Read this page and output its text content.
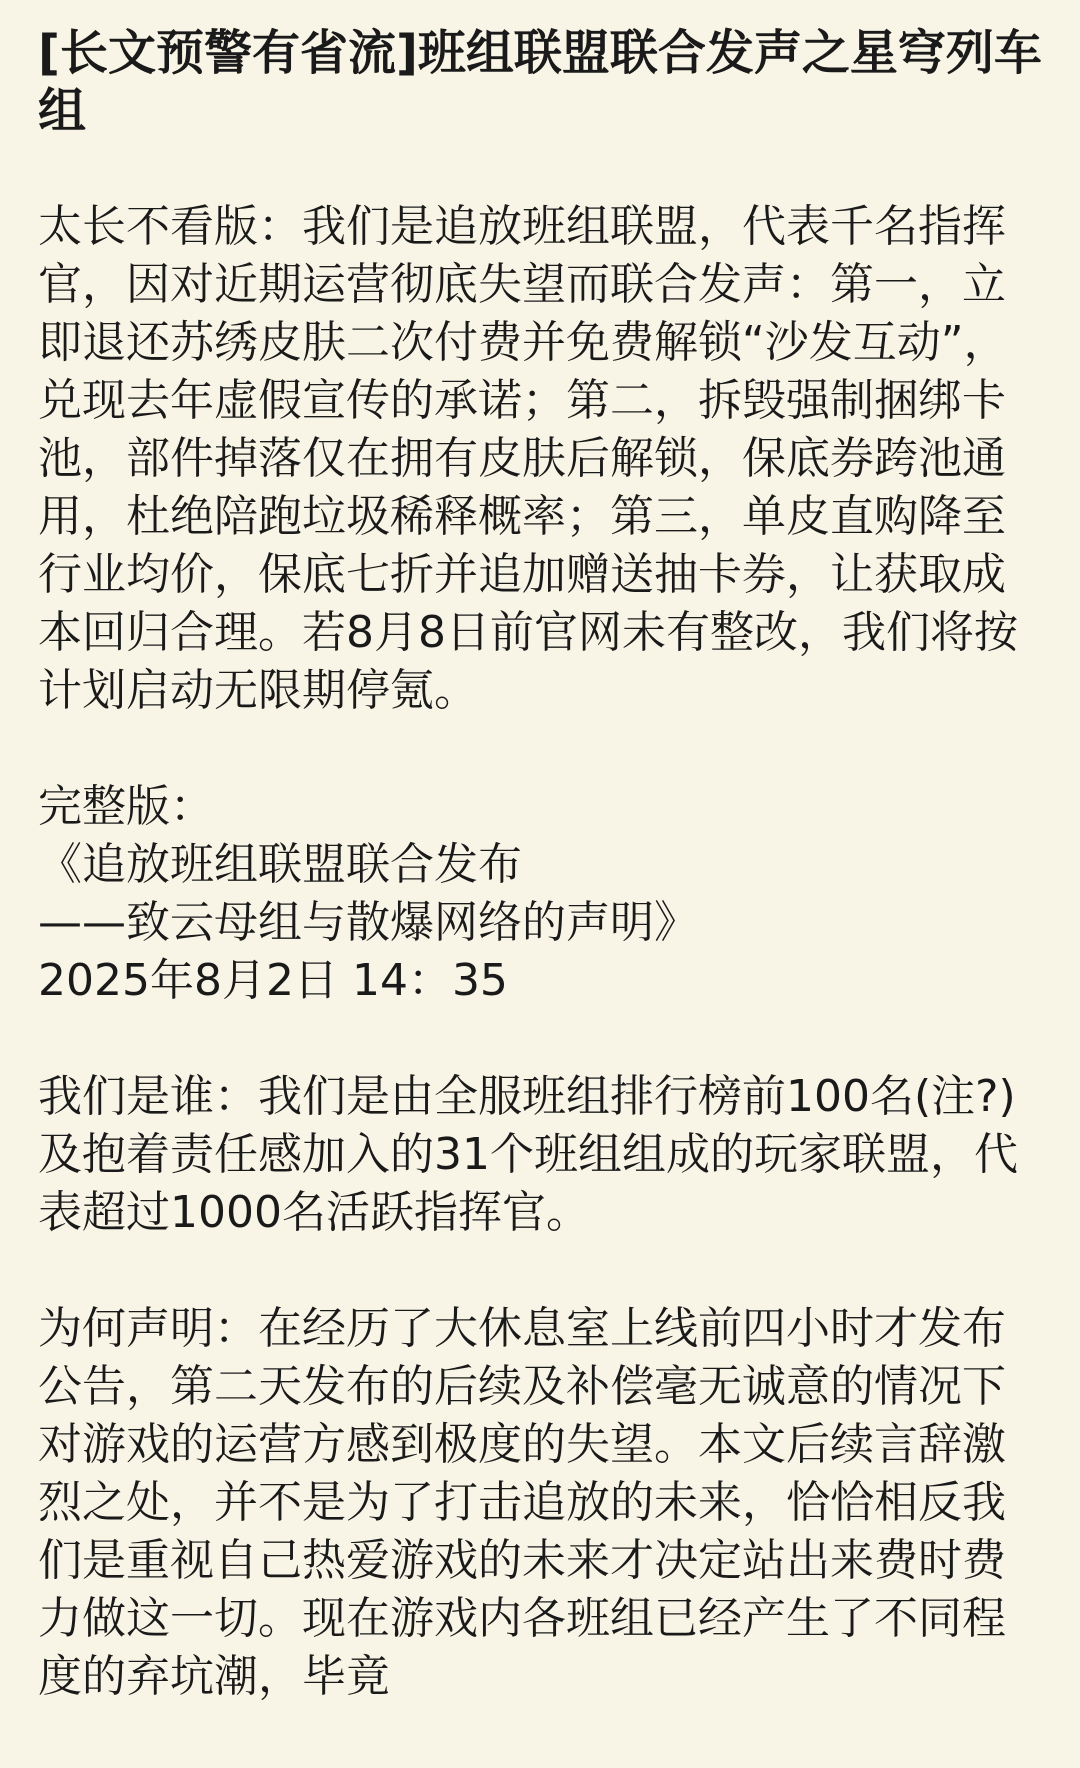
[长文预警有省流]班组联盟联合发声之星穹列车组

太长不看版：我们是追放班组联盟，代表千名指挥官，因对近期运营彻底失望而联合发声：第一，立即退还苏绣皮肤二次付费并免费解锁“沙发互动”，兑现去年虚假宣传的承诺；第二，拆毁强制捆绑卡池，部件掉落仅在拥有皮肤后解锁，保底券跨池通用，杜绝陪跑垃圾稀释概率；第三，单皮直购降至行业均价，保底七折并追加赠送抽卡券，让获取成本回归合理。若8月8日前官网未有整改，我们将按计划启动无限期停氪。

完整版：

《追放班组联盟联合发布

——致云母组与散爆网络的声明》

2025年8月2日 14：35

我们是谁：我们是由全服班组排行榜前100名(注?)及抱着责任感加入的31个班组组成的玩家联盟，代表超过1000名活跃指挥官。

为何声明：在经历了大休息室上线前四小时才发布公告，第二天发布的后续及补偿毫无诚意的情况下对游戏的运营方感到极度的失望。本文后续言辞激烈之处，并不是为了打击追放的未来，恰恰相反我们是重视自己热爱游戏的未来才决定站出来费时费力做这一切。现在游戏内各班组已经产生了不同程度的弃坑潮，毕竟
